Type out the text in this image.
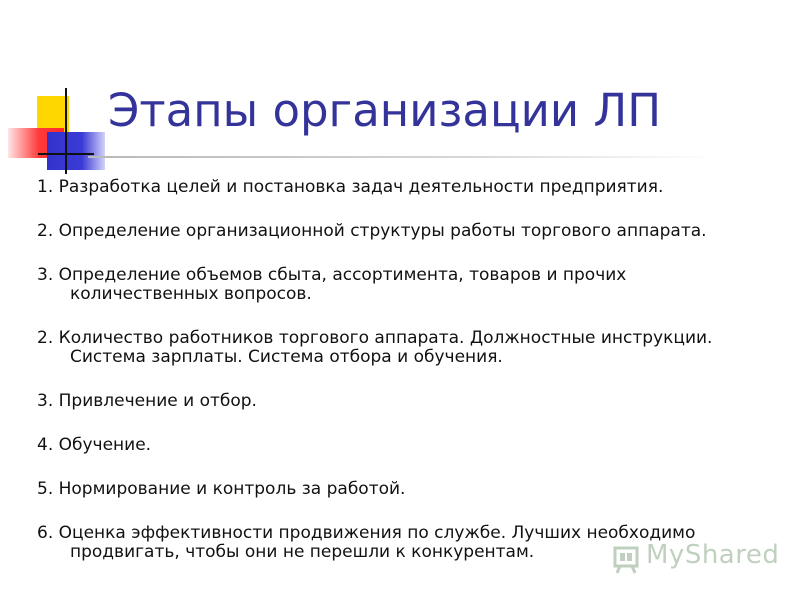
Этапы организации ЛП
1. Разработка целей и постановка задач деятельности предприятия.
2. Определение организационной структуры работы торгового аппарата.
3. Определение объемов сбыта, ассортимента, товаров и прочих количественных вопросов.
2. Количество работников торгового аппарата. Должностные инструкции. Система зарплаты. Система отбора и обучения.
3. Привлечение и отбор.
4. Обучение.
5. Нормирование и контроль за работой.
6. Оценка эффективности продвижения по службе. Лучших необходимо продвигать, чтобы они не перешли к конкурентам.	MyShared
